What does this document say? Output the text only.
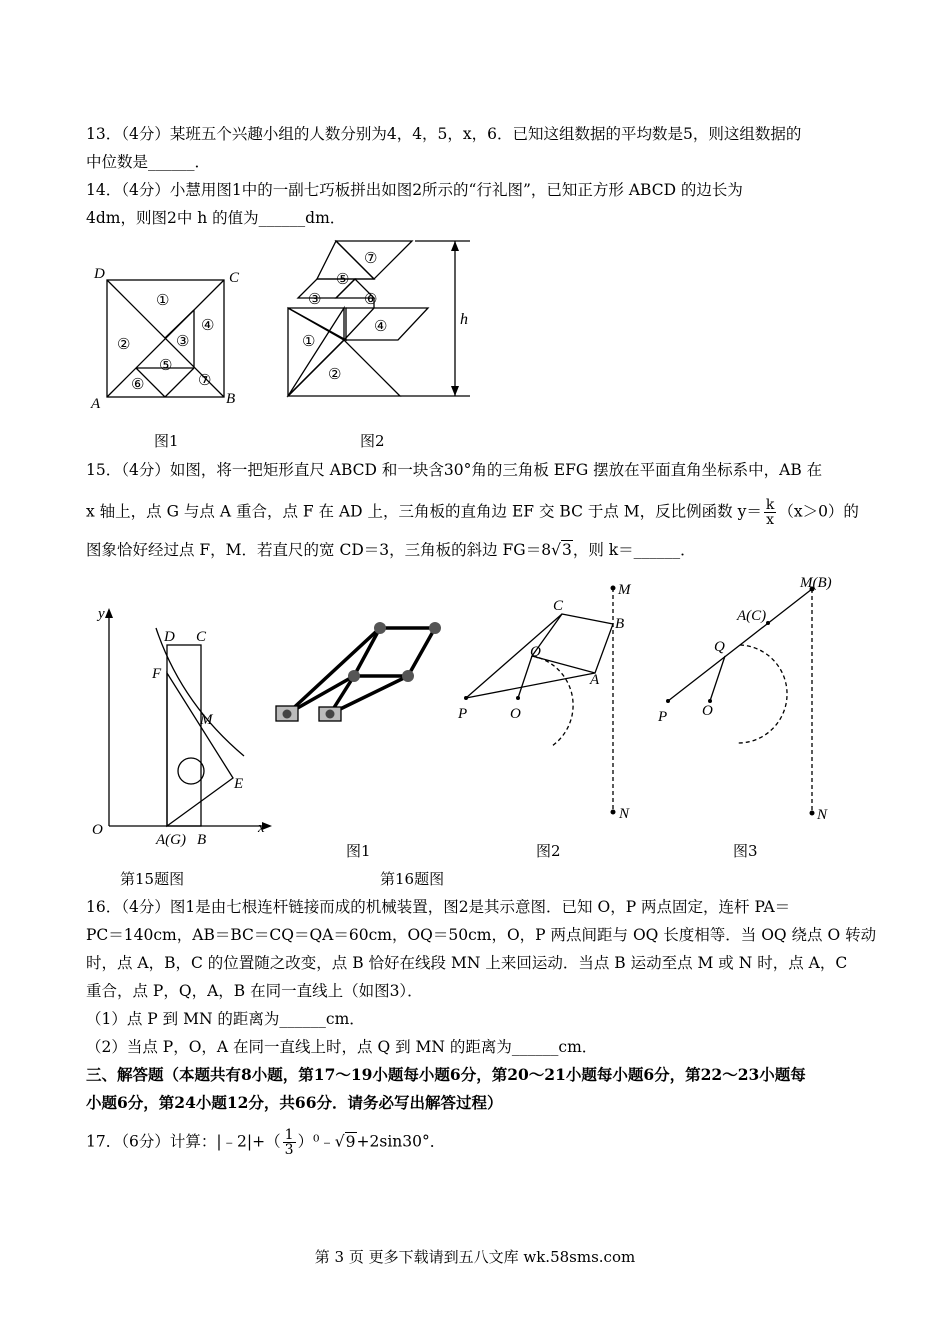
13．（4分）某班五个兴趣小组的人数分别为4，4，5，x，6．已知这组数据的平均数是5，则这组数据的
中位数是______．
14．（4分）小慧用图1中的一副七巧板拼出如图2所示的“行礼图”，已知正方形 ABCD 的边长为
4dm，则图2中 h 的值为______dm．
D	C
A	B
①
②	③
④
⑤
⑥	⑦
图1
h
⑦
⑤
③	⑥
④
①
②
图2
15．（4分）如图，将一把矩形直尺 ABCD 和一块含30°角的三角板 EFG 摆放在平面直角坐标系中，AB 在
x 轴上，点 G 与点 A 重合，点 F 在 AD 上，三角板的直角边 EF 交 BC 于点 M，反比例函数 $y= \frac{k}{x} (x>0)$的
图象恰好经过点 F，M．若直尺的宽 CD＝3，三角板的斜边 FG＝8√3，则 k＝______．
y
x
O
D C
F
M
E
A(G) B
第15题图
图1
M
C
B
Q
A
P	O
N
图2
M(B)
A(C)
Q
P O
N
图3
第16题图
16．（4分）图1是由七根连杆链接而成的机械装置，图2是其示意图．已知 O，P 两点固定，连杆 PA＝
PC＝140cm，AB＝BC＝CQ＝QA＝60cm，OQ＝50cm，O，P 两点间距与 OQ 长度相等．当 OQ 绕点 O 转动
时，点 A，B，C 的位置随之改变，点 B 恰好在线段 MN 上来回运动．当点 B 运动至点 M 或 N 时，点 A，C
重合，点 P，Q，A，B 在同一直线上（如图3）．
（1）点 P 到 MN 的距离为______cm．
（2）当点 P，O，A 在同一直线上时，点 Q 到 MN 的距离为______cm．
三、解答题（本题共有8小题，第17～19小题每小题6分，第20～21小题每小题6分，第22～23小题每
小题6分，第24小题12分，共66分．请务必写出解答过程）
17．（6分）计算：|﹣2|+（ $\frac{1}{3}$ ）⁰﹣√9+2sin30°．
第 3 页 更多下载请到五八文库 wk.58sms.com
